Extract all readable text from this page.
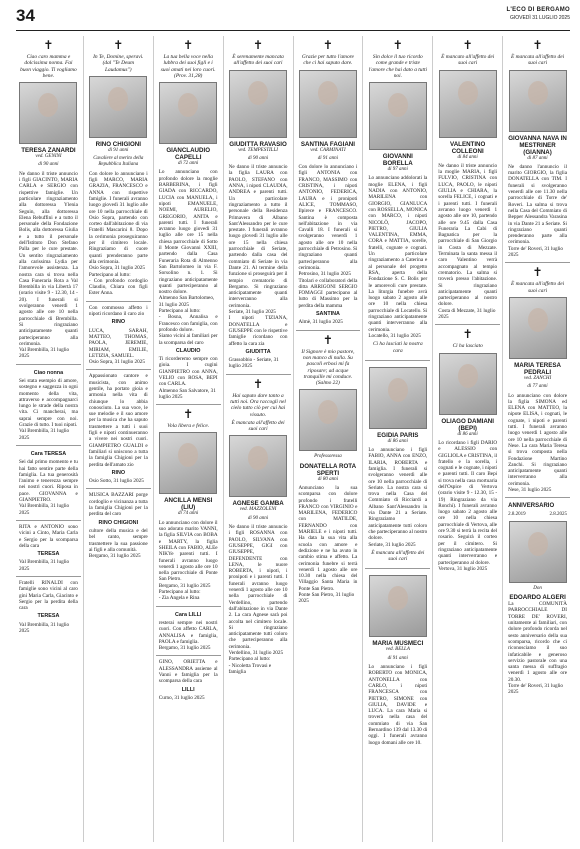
34	L'ECO DI BERGAMO
GIOVEDÌ 31 LUGLIO 2025
✝
Ciao caro mamma e dolcissima nonna. Fai buon viaggio. Ti vogliamo bene.
TERESA ZANARDI
ved. GENINI
di 90 anni
Ne danno il triste annuncio i figli GIACINTO, MARIA CARLA e SERGIO con rispettive famiglie. Un particolare ringraziamento alla dottoressa Ylenia Seguin, alla dottoressa Elena Rebuffini e a tutto il personale della Fondazione Bolis, alla dottoressa Giulia e a tutto il personale dell'Istituto Don Stefano Palla per le cure prestate. Un sentito ringraziamento alla carissima Lydia per l'amorevole assistenza. La nostra cara si trova nella Casa Funeraria Rota a Val Brembilla in via Libertà 17 (orario visite 9 - 12.30, 14 - 20). I funerali si svolgeranno venerdì 1 agosto alle ore 10 nella parrocchiale di Brembilla. Si ringraziano anticipatamente quanti parteciperanno alla cerimonia.
Val Brembilla, 31 luglio 2025
Ciao nonna
Sei stata esempio di amore, sostegno e saggezza in ogni momento della vita, attraverso e accompagnarci lungo le strade della nostra vita. Ci mancherai, ma saprai sempre con noi. Grazie di tutto. I tuoi nipoti.
Val Brembilla, 31 luglio 2025
Cara TERESA
Sei dal primo momento e tu hai fatto sentire parte della famiglia. La tua generosità l'animo e tenerezza sempre nei nostri cuori. Riposa in pace. GIOVANNA e GIANPIETRO.
Val Brembilla, 31 luglio 2025
RITA e ANTONIO sono vicini a Cinto, Maria Carla e Sergio per la scomparsa della cara
TERESA
Val Brembilla, 31 luglio 2025
Fratelli RINALDI con famiglie sono vicini al caro gini Maria Carla, Giacinto e Sergio per la perdita della cara
TERESA
Val Brembilla, 31 luglio 2025
✝
In Te, Domine, speravi. (dal "Te Deum Laudamus")
RINO CHIGIONI
di 91 anni
Cavaliere al merito della Repubblica Italiana
Con dolore lo annunciano i figli MARCO, MARIA GRAZIA, FRANCESCO e ANNA con rispettive famiglie. I funerali avranno luogo giovedì 31 luglio alle ore 10 nella parrocchiale di Osio Sopra, partendo con corteo dall'abitazione di via Fratelli Mascarini 8. Dopo la cerimonia proseguiranno per il cimitero locale. Ringraziamo di cuore quanti prenderanno parte alla cerimonia.
Osio Sopra, 31 luglio 2025
Partecipano al lutto:
- Con profondo cordoglio Claudio, Chiara con figli Ester Anna.
Con commosso affetto i nipoti ricordano il caro zio
RINO
LUCA, SARAH, MATTEO, THOMAS, PAOLA, JEREMIE, MIRIAM, EMILIE, LETIZIA, SAMUEL.
Osio Sopra, 31 luglio 2025
Appassionato cantore e musicista, con animo gentile, ha portato gioia e armonia nella vita di chiunque lo abbia conosciuto. La sua voce, le sue melodie e il suo amore per la musica che ha saputo trasmettere a tutti i suoi figli e nipoti continueranno a vivere nei nostri cuori. GIAMPIETRO GUALDI e familiari si uniscono a tutta la famiglia Chigioni per la perdita dell'amato zio
RINO
Osio Sotto, 31 luglio 2025
MUSICA BAZZARI porge cordoglio e vicinanza a tutta la famiglia Chigioni per la perdita del caro
RINO CHIGIONI
cultore della musica e del bel canto, sempre trasmettere la sua passione ai figli e alla comunità.
Bergamo, 31 luglio 2025
✝
La tua bella voce nella lubbra dei suoi figli e i suoi amati nei loro cuori. (Prov. 31,28)
GIANCLAUDIO CAPELLI
di 72 anni
Lo annunciano con profondo dolore la moglie BARBERINA, i figli GIADA con RICCARDO, LUCIA con MANUELA, i nipoti EMANUELE, NOEMI, AURELIO, GREGORIO, ANITA e parenti tutti. I funerali avranno luogo giovedì 31 luglio alle ore 15 nella chiesa parrocchiale di Sotto il Monte Giovanni XXIII, partendo dalla Casa Funeraria Rota di Almenno San Bartolomeo in via F. Sorsolino n. 1. Si ringraziano anticipatamente quanti parteciperanno al nostro dolore.
Almenno San Bartolomeo, 31 luglio 2025
Partecipano al lutto:
- Bosna, Annalisa e Francesco con famiglia, con profondo dolore.
Siamo vicini ai familiari per la scomparsa del caro
CLAUDIO
Ti ricorderemo sempre con gioia. I cugini GIANPIETRO con ANNA, VELIO con ROSA, BEPI con CARLA.
Almenno San Salvatore, 31 luglio 2025
✝
Vola libera e felice.
ANCILLA MENSI (LIU)
di 74 anni
Lo annunciano con dolore il suo adorato marito VANNI, la figlia SILVIA con BOBA e MARTY, la figlia SHEILA con FABIO, ALEe NIKYe parenti tutti. I funerali avranno luogo venerdì 1 agosto alle ore 10 nella parrocchiale di Ponte San Pietro.
Bergamo, 31 luglio 2025
Partecipano al lutto:
- Zia Angela e Rina
Cara LILLI
resterai sempre nei nostri cuori. Con affetto CARLA, ANNALISA e famiglia, PAOLA e famiglia.
Bergamo, 31 luglio 2025
GINO, ORIETTA e ALESSANDRA assieme al Vanni e famiglia per la scomparsa della cara
LILLI
Curno, 31 luglio 2025
✝
È serenamente mancata all'affetto dei suoi cari
GIUDITTA RAVASIO
ved. TEMPESTILLI
di 90 anni
Ne danno il triste annuncio la figlia LAURA con PAOLO, STEFANO con ANNA, i nipoti CLAUDIA, ANDREA e parenti tutti. Un particolare ringraziamento a tutto il personale della Residenza Primavera di Albano Sant'Alessandro per le cure prestate. I funerali avranno luogo giovedì 31 luglio alle ore 15 nella chiesa parrocchiale di Seriate, partendo dalla casa del commiato di Seriate in via Dante 21. Al termine della funzione si proseguirà per il tempio crematorio di Bergamo. Si ringraziano anticipatamente quanti interverranno alla cerimonia.
Seriate, 31 luglio 2025
I nipoti TIZIANA, DONATELLA e GIUSEPPE con le rispettive famiglie ricordano con affetto la cara zia
GIUDITTA
Grassobbio - Seriate, 31 luglio 2025
✝
Hai saputo dare tanto a tutti noi. Ora raccogli nel cielo tutto ciò per cui hai vissuto.
È mancata all'affetto dei suoi cari
AGNESE GAMBA
ved. MAZZOLENI
di 90 anni
Ne danno il triste annuncio i figli ROSANNA con PAOLO, SILVANA con GIUSEPPE, GIGI con GIUSEPPE, DEFENDENTE con LENA, le nuore ROBERTA, i nipoti, i pronipoti e i parenti tutti. I funerali avranno luogo venerdì 1 agosto alle ore 10 nella parrocchiale di Verdellino, partendo dall'abitazione in via Dante 2. La cara Agnese sarà poi accolta nel cimitero locale. Si ringraziano anticipatamente tutti coloro che parteciperanno alla cerimonia.
Verdellino, 31 luglio 2025
Partecipano al lutto:
- Nicoletta Trovasi e famiglia
✝
Grazie per tutto l'amore che ci hai saputo dare.
SANTINA FAGIANI
ved. CARMINATI
di 91 anni
Con dolore lo annunciano i figli ANTONIA con FRANCO, MASSIMO con CRISTINA, i nipoti ANTONIO, FEDERICA, LAURA e i pronipoti ALICE, TOMMASO, Ilpirece e FRANCESCO. Santina è composta nell'abitazione in via Cavalli 18. I funerali si svolgeranno venerdì 1 agosto alle ore 10 nella parrocchiale di Petrosino. Si ringraziano quanti parteciperanno alla cerimonia.
Petrosino, 31 luglio 2025
Titolari e collaboratori della ditta ARRIGONI SERGIO FOMAGGI partecipano al lutto di Massimo per la perdita della mamma
SANTINA
Almè, 31 luglio 2025
✝
Il Signore è mio pastore, non manco di nulla. Su pascoli erbosi mi fa riposare; ad acque tranquille mi conduce. (Salmo 22)
Professoressa
DONATELLA ROTA SPERTI
di 80 anni
Annunciano la sua scomparsa con dolore profondo i fratelli FRANCO con VIRGINIO e MARILENA, FEDERICO con MATILDE, FERNANDO con MARIELE e i nipoti tutti. Ha data la sua vita alla scuola con amore e dedizione e ne ha avuto in cambio stima e affetto. La cerimonia funebre si terrà venerdì 1 agosto alle ore 10.30 nella chiesa del Villaggio Santa Maria in Ponte San Pietro.
Ponte San Pietro, 31 luglio 2025
✝
Sin dolce il tuo ricordo come grande e triste l'amore che hai dato a tutti noi.
GIOVANNI BORELLA
di 97 anni
Lo annunciano addolorati la moglie ELENA, i figli NADIA con ANTONIO, MARILENA con GIORGIO, GIANLUCA con ROSSELLA, MONICA con MARCO, i nipoti NICOLÒ, JACOPO, PIETRO, GIULIA VALENTINA, EMMA, CORA e MATTIA, sorelle, fratelli, cognate e cognati. Un particolare ringraziamento a Caterina e al personale del progetto RSA, aperta della Fondazione S. C. Bolis per le amorevoli cure prestate. La liturgia funebre avrà luogo sabato 2 agosto alle ore 10 nella chiesa parrocchiale di Locatello. Si ringraziano anticipatamente quanti interverranno alla cerimonia.
Locatello, 31 luglio 2025
Ci ha lasciati la nostra cara
EGIDIA PARIS
di 86 anni
Lo annunciano i figli FABIO, ANNA con ENZO, ILARIA, ROBERTA e famiglia. I funerali si svolgeranno venerdì alle ore 10 nella parrocchiale di Seriate. La nostra cara si trova nella Casa del Commiato di Ricciardi a Albano Sant'Alessandro in via Dante 21 a Seriate. Ringraziamo anticipatamente tutti coloro che parteciperanno al nostro dolore.
Seriate, 31 luglio 2025
È mancata all'affetto dei suoi cari
MARIA MUSMECI
ved. BELLA
di 91 anni
Lo annunciano i figli ROBERTO con MONICA, ANTONELLA con CARLO, i nipoti FRANCESCA con PIETRO, SIMONE con GIULIA, DAVIDE e LUCA. La cara Maria si troverà nella casa del commiato di via San Bernardino 139 dal 13.30 di oggi. I funerali avranno luogo domani alle ore 10.
✝
È mancato all'affetto dei suoi cari
VALENTINO COLLEONI
di 84 anni
Ne danno il triste annuncio la moglie MARIA, i figli FULVIO, CRISTINA con LUCA, PAOLO, le nipoti GIULIA e CHIARA, la sorella FELICE, i cognati e i parenti tutti. I funerali avranno luogo venerdì 1 agosto alle ore 10, partendo alle ore 9.45 dalla Casa Funeraria La Cabi di Bagnatica per la parrocchiale di San Giorgio in Costa di Mezzate. Terminata la santa messa il caro Valentino verrà accompagnato al tempio crematorio. La salma si troverà presso l'abitazione. Si ringraziano anticipatamente quanti parteciperanno al nostro dolore.
Costa di Mezzate, 31 luglio 2025
✝
Ci ha lasciato
OLIAGO DAMIANI (BEPI)
di 86 anni
Lo ricordano i figli DARIO e ALESSIO con GIGLIOLA e CRISTINA, il fratello e la sorella, i cognati e le cognate, i nipoti e parenti tutti. Il caro Bepi si trova nella casa mortuaria dell'Ospice di Vertova (orario visite 9 - 12.30, 15 - 19) Ringraziano da via Ronchi). I funerali avranno luogo sabato 2 agosto alle ore 10 nella chiesa parrocchiale di Vertova, alle ore 9.30 si terrà la recita del rosario. Seguirà il corteo per il cimitero. Si ringraziano anticipatamente quanti interverranno e parteciperanno al dolore.
Vertova, 31 luglio 2025
✝
È mancata all'affetto dei suoi cari
GIOVANNA NAVA IN MESTRINER (GIANNA)
di 87 anni
Ne danno l'annuncio il marito GIORGIO, la figlia DONATELLA con TIM. I funerali si svolgeranno venerdì alle ore 11.30 nella parrocchiale di Torre de' Roveri. La salma si trova nella Casa del Commiato di Bepper Alessandra Varasina in via Dante 21 a Seriate. Si ringraziano quanti prenderanno parte alla cerimonia.
Torre de' Roveri, 31 luglio 2025
✝
È mancata all'affetto dei suoi cari
MARIA TERESA PEDRALI
ved. ZANCHI
di 77 anni
Lo annunciano con dolore la figlia SIMONA ed ELENA con MATTEO, la nipote ELISA, i cognati, le cognate, i nipoti e parenti tutti. I funerali avranno luogo venerdì 1 agosto alle ore 10 nella parrocchiale di Nese. La cara Maria Teresa si trova composta nella Fondazione Martino Zanchi. Si ringraziano anticipatamente quanti interverranno alla cerimonia.
Nese, 31 luglio 2025
ANNIVERSARIO
2.8.2019	2.8.2025
Don
EDOARDO ALGERI
La COMUNITÀ PARROCCHIALE DI TORRE DE' ROVERI, unitamente ai familiari, con dolore profondo ricorda nel sesto anniversario della sua scomparsa, ricordo che ci riconosciamo il suo infaticabile e generoso servizio pastorale con una santa messa di suffragio venerdì 1 agosto alle ore 20.30.
Torre de' Roveri, 31 luglio 2025
